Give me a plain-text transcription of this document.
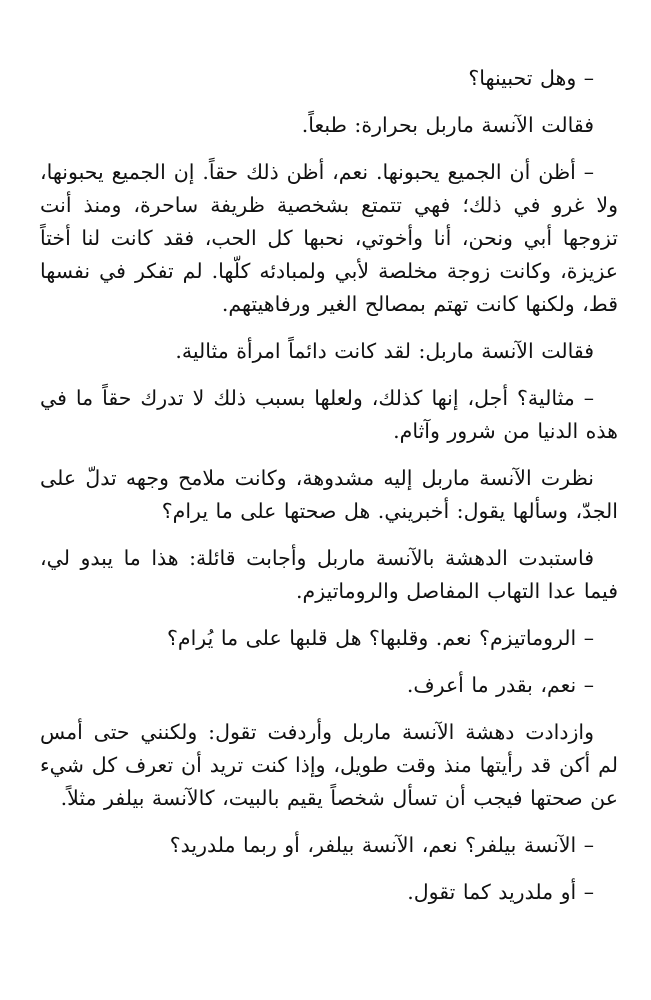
– وهل تحبينها؟

فقالت الآنسة ماربل بحرارة: طبعاً.

– أظن أن الجميع يحبونها. نعم، أظن ذلك حقاً. إن الجميع يحبونها، ولا غرو في ذلك؛ فهي تتمتع بشخصية ظريفة ساحرة، ومنذ أنت تزوجها أبي ونحن، أنا وأخوتي، نحبها كل الحب، فقد كانت لنا أختاً عزيزة، وكانت زوجة مخلصة لأبي ولمبادئه كلّها. لم تفكر في نفسها قط، ولكنها كانت تهتم بمصالح الغير ورفاهيتهم.

فقالت الآنسة ماربل: لقد كانت دائماً امرأة مثالية.

– مثالية؟ أجل، إنها كذلك، ولعلها بسبب ذلك لا تدرك حقاً ما في هذه الدنيا من شرور وآثام.

نظرت الآنسة ماربل إليه مشدوهة، وكانت ملامح وجهه تدلّ على الجدّ، وسألها يقول: أخبريني. هل صحتها على ما يرام؟

فاستبدت الدهشة بالآنسة ماربل وأجابت قائلة: هذا ما يبدو لي، فيما عدا التهاب المفاصل والروماتيزم.

– الروماتيزم؟ نعم. وقلبها؟ هل قلبها على ما يُرام؟

– نعم، بقدر ما أعرف.

وازدادت دهشة الآنسة ماربل وأردفت تقول: ولكنني حتى أمس لم أكن قد رأيتها منذ وقت طويل، وإذا كنت تريد أن تعرف كل شيء عن صحتها فيجب أن تسأل شخصاً يقيم بالبيت، كالآنسة بيلفر مثلاً.

– الآنسة بيلفر؟ نعم، الآنسة بيلفر، أو ربما ملدريد؟

– أو ملدريد كما تقول.
